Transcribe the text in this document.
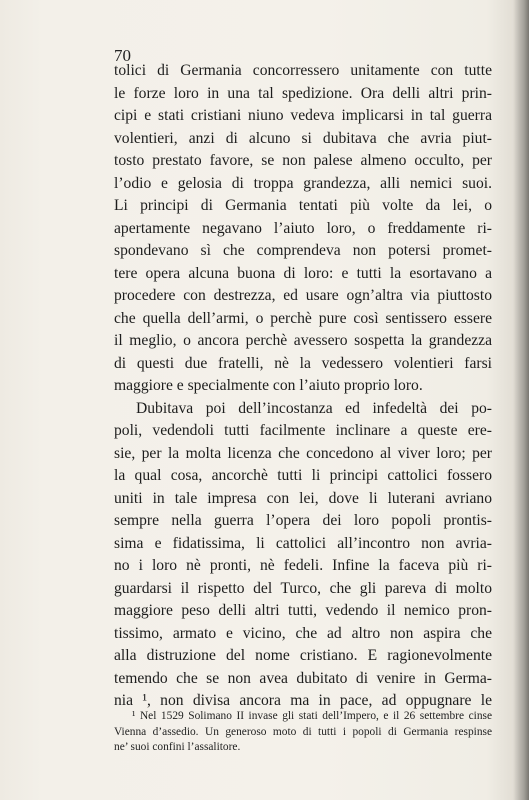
70
tolici di Germania concorressero unitamente con tutte
le forze loro in una tal spedizione. Ora delli altri prin-
cipi e stati cristiani niuno vedeva implicarsi in tal guerra
volentieri, anzi di alcuno si dubitava che avria piut-
tosto prestato favore, se non palese almeno occulto, per
l’odio e gelosia di troppa grandezza, alli nemici suoi.
Li principi di Germania tentati più volte da lei, o
apertamente negavano l’aiuto loro, o freddamente ri-
spondevano sì che comprendeva non potersi promet-
tere opera alcuna buona di loro: e tutti la esortavano a
procedere con destrezza, ed usare ogn’altra via piuttosto
che quella dell’armi, o perchè pure così sentissero essere
il meglio, o ancora perchè avessero sospetta la grandezza
di questi due fratelli, nè la vedessero volentieri farsi
maggiore e specialmente con l’aiuto proprio loro.
Dubitava poi dell’incostanza ed infedeltà dei po-
poli, vedendoli tutti facilmente inclinare a queste ere-
sie, per la molta licenza che concedono al viver loro; per
la qual cosa, ancorchè tutti li principi cattolici fossero
uniti in tale impresa con lei, dove li luterani avriano
sempre nella guerra l’opera dei loro popoli prontis-
sima e fidatissima, li cattolici all’incontro non avria-
no i loro nè pronti, nè fedeli. Infine la faceva più ri-
guardarsi il rispetto del Turco, che gli pareva di molto
maggiore peso delli altri tutti, vedendo il nemico pron-
tissimo, armato e vicino, che ad altro non aspira che
alla distruzione del nome cristiano. E ragionevolmente
temendo che se non avea dubitato di venire in Germa-
nia ¹, non divisa ancora ma in pace, ad oppugnare le
¹ Nel 1529 Solimano II invase gli stati dell’Impero, e il 26 settembre cinse
Vienna d’assedio. Un generoso moto di tutti i popoli di Germania respinse
ne’ suoi confini l’assalitore.
